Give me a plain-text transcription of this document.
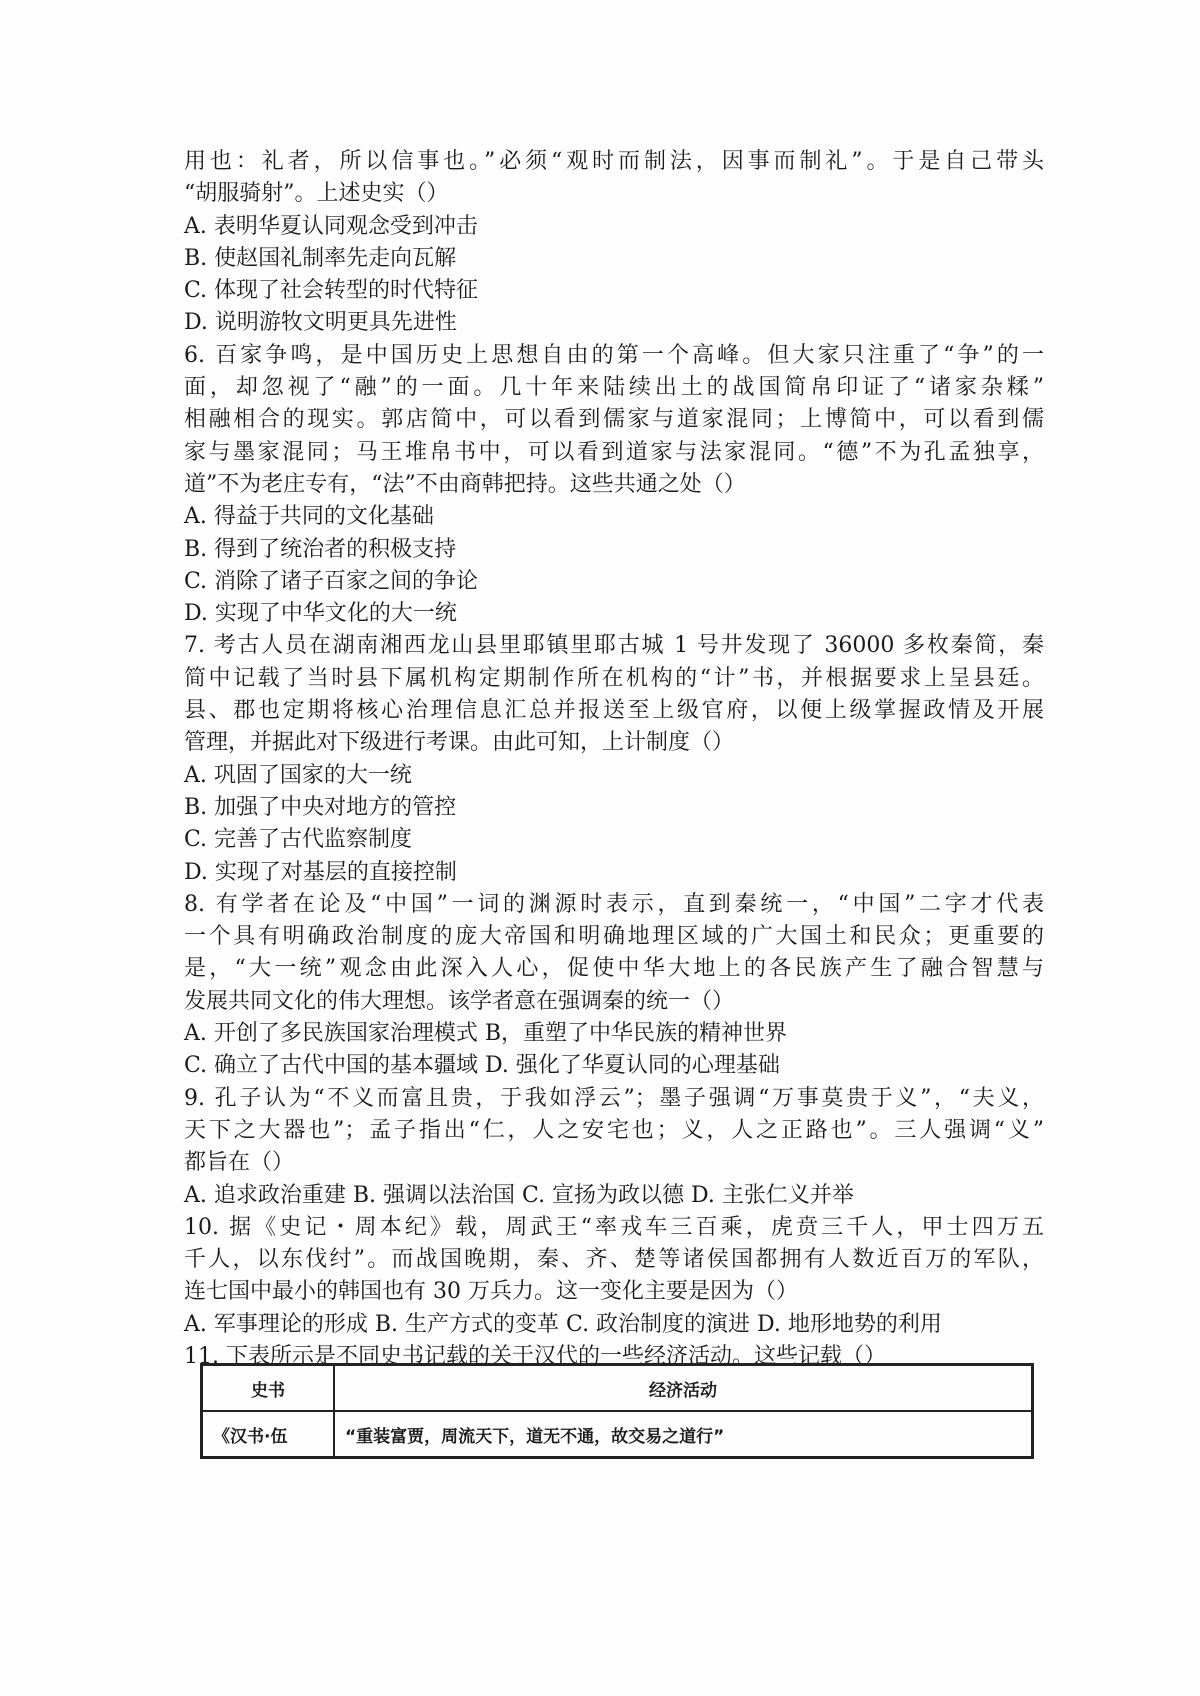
用也：礼者，所以信事也。”必须“观时而制法，因事而制礼”。于是自己带头
“胡服骑射”。上述史实（）
A. 表明华夏认同观念受到冲击
B. 使赵国礼制率先走向瓦解
C. 体现了社会转型的时代特征
D. 说明游牧文明更具先进性
6. 百家争鸣，是中国历史上思想自由的第一个高峰。但大家只注重了“争”的一
面，却忽视了“融”的一面。几十年来陆续出土的战国简帛印证了“诸家杂糅”
相融相合的现实。郭店简中，可以看到儒家与道家混同；上博简中，可以看到儒
家与墨家混同；马王堆帛书中，可以看到道家与法家混同。“德”不为孔孟独享，
道”不为老庄专有，“法”不由商韩把持。这些共通之处（）
A. 得益于共同的文化基础
B. 得到了统治者的积极支持
C. 消除了诸子百家之间的争论
D. 实现了中华文化的大一统
7. 考古人员在湖南湘西龙山县里耶镇里耶古城 1 号井发现了 36000 多枚秦简，秦
简中记载了当时县下属机构定期制作所在机构的“计”书，并根据要求上呈县廷。
县、郡也定期将核心治理信息汇总并报送至上级官府，以便上级掌握政情及开展
管理，并据此对下级进行考课。由此可知，上计制度（）
A. 巩固了国家的大一统
B. 加强了中央对地方的管控
C. 完善了古代监察制度
D. 实现了对基层的直接控制
8. 有学者在论及“中国”一词的渊源时表示，直到秦统一，“中国”二字才代表
一个具有明确政治制度的庞大帝国和明确地理区域的广大国土和民众；更重要的
是，“大一统”观念由此深入人心，促使中华大地上的各民族产生了融合智慧与
发展共同文化的伟大理想。该学者意在强调秦的统一（）
A. 开创了多民族国家治理模式 B，重塑了中华民族的精神世界
C. 确立了古代中国的基本疆域 D. 强化了华夏认同的心理基础
9. 孔子认为“不义而富且贵，于我如浮云”；墨子强调“万事莫贵于义”，“夫义，
天下之大器也”；孟子指出“仁，人之安宅也；义，人之正路也”。三人强调“义”
都旨在（）
A. 追求政治重建 B. 强调以法治国 C. 宣扬为政以德 D. 主张仁义并举
10. 据《史记・周本纪》载，周武王“率戎车三百乘，虎贲三千人，甲士四万五
千人，以东伐纣”。而战国晚期，秦、齐、楚等诸侯国都拥有人数近百万的军队，
连七国中最小的韩国也有 30 万兵力。这一变化主要是因为（）
A. 军事理论的形成 B. 生产方式的变革 C. 政治制度的演进 D. 地形地势的利用
11. 下表所示是不同史书记载的关于汉代的一些经济活动。这些记载（）
史书	经济活动
《汉书·伍	“重装富贾，周流天下，道无不通，故交易之道行”
